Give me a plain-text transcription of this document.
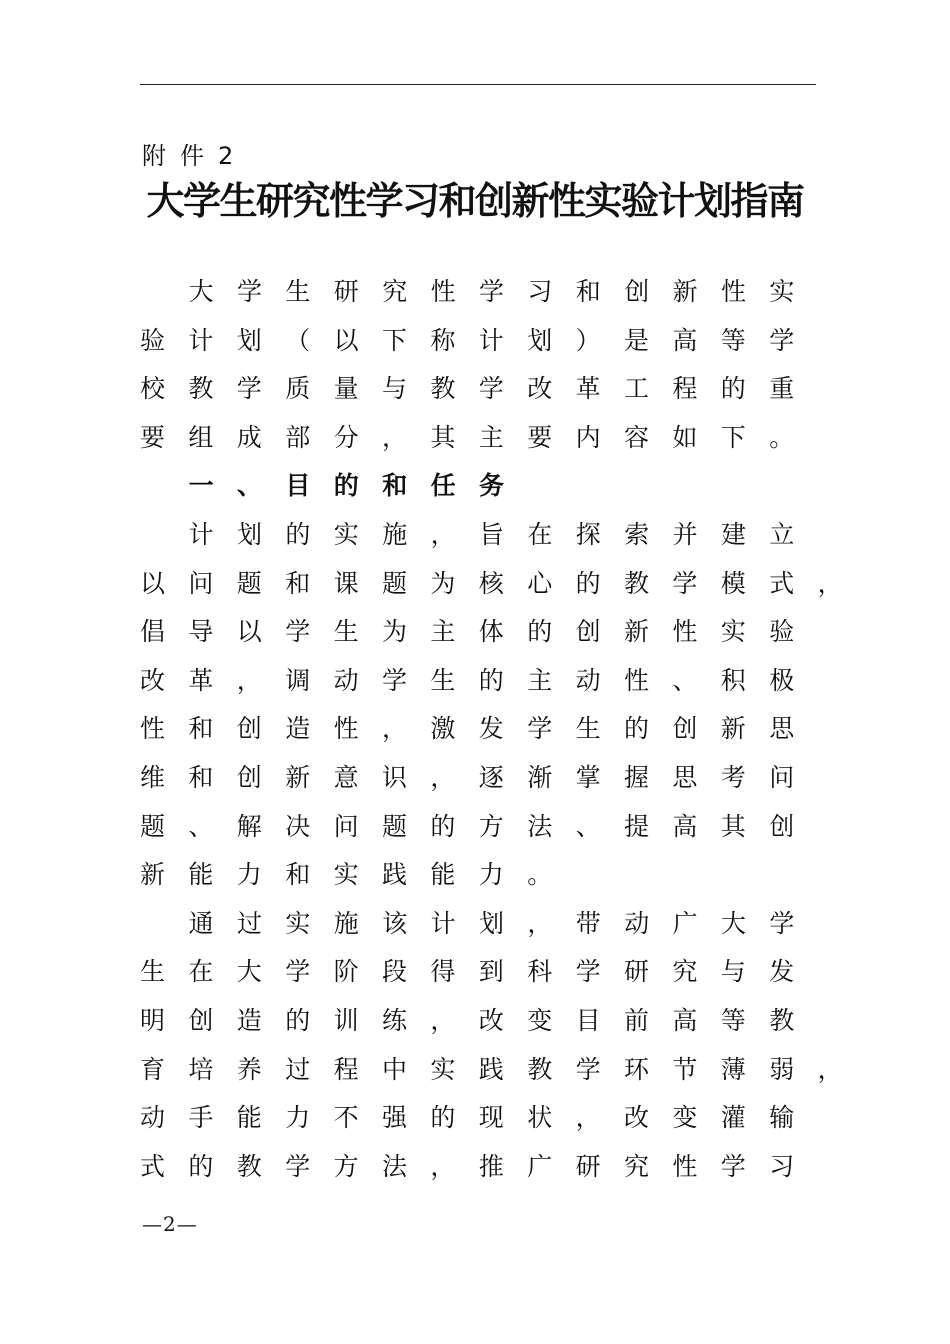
附件2
大学生研究性学习和创新性实验计划指南
大学生研究性学习和创新性实
验计划（以下称计划）是高等学
校教学质量与教学改革工程的重
要组成部分，其主要内容如下。
一、目的和任务
计划的实施，旨在探索并建立
以问题和课题为核心的教学模式，
倡导以学生为主体的创新性实验
改革，调动学生的主动性、积极
性和创造性，激发学生的创新思
维和创新意识，逐渐掌握思考问
题、解决问题的方法、提高其创
新能力和实践能力。
通过实施该计划，带动广大学
生在大学阶段得到科学研究与发
明创造的训练，改变目前高等教
育培养过程中实践教学环节薄弱，
动手能力不强的现状，改变灌输
式的教学方法，推广研究性学习
—2—
